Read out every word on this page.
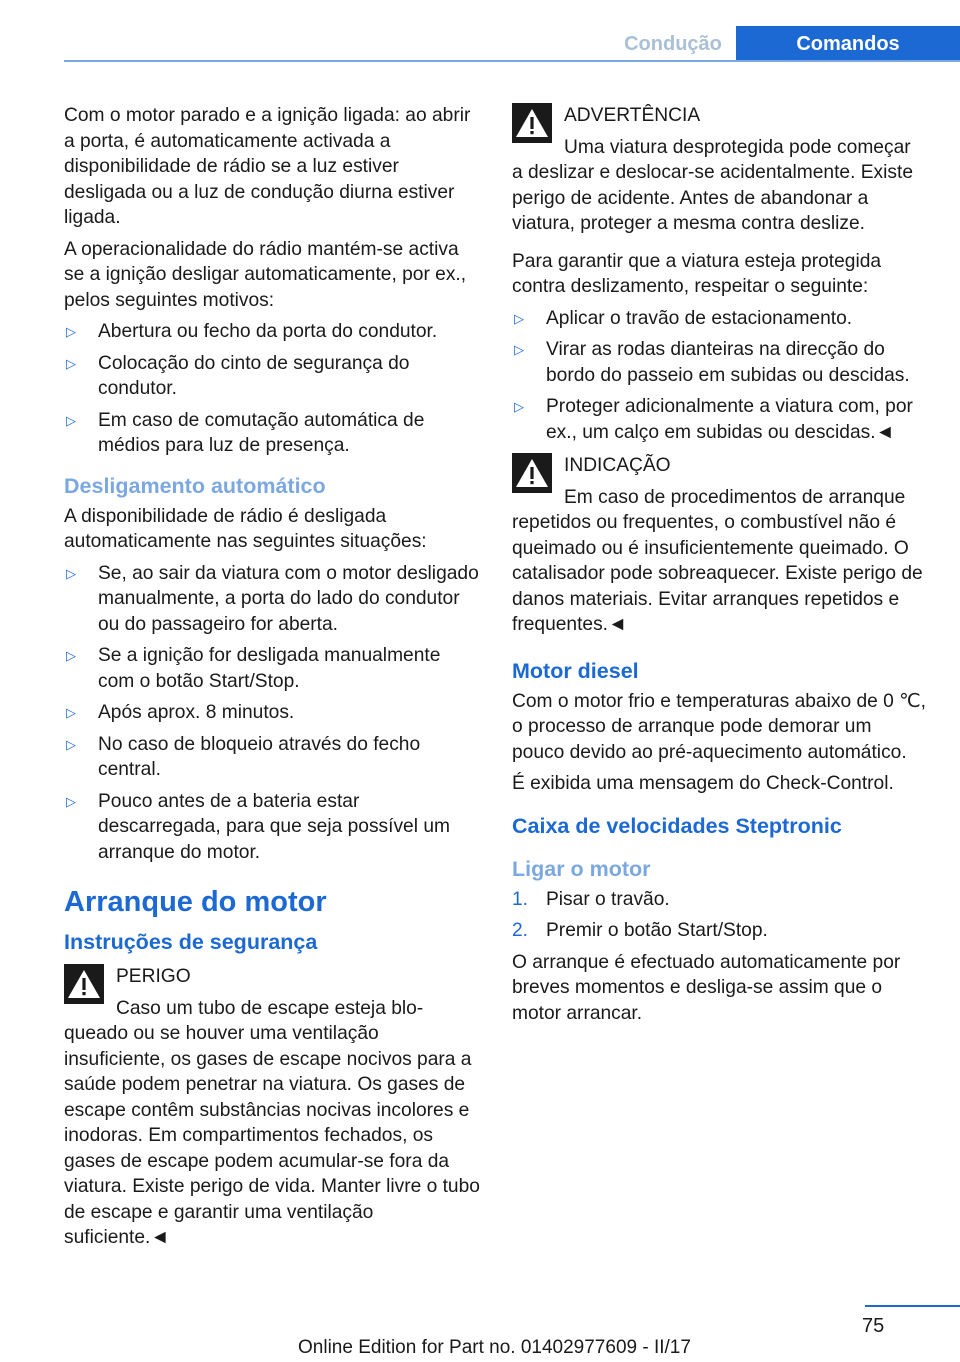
Condução	Comandos

Com o motor parado e a ignição ligada: ao abrir a porta, é automaticamente activada a disponibilidade de rádio se a luz estiver desligada ou a luz de condução diurna estiver ligada.

A operacionalidade do rádio mantém-se activa se a ignição desligar automaticamente, por ex., pelos seguintes motivos:

▷ Abertura ou fecho da porta do condutor.
▷ Colocação do cinto de segurança do condutor.
▷ Em caso de comutação automática de médios para luz de presença.
Desligamento automático

A disponibilidade de rádio é desligada automaticamente nas seguintes situações:

▷ Se, ao sair da viatura com o motor desligado manualmente, a porta do lado do condutor ou do passageiro for aberta.
▷ Se a ignição for desligada manualmente com o botão Start/Stop.
▷ Após aprox. 8 minutos.
▷ No caso de bloqueio através do fecho central.
▷ Pouco antes de a bateria estar descarregada, para que seja possível um arranque do motor.
Arranque do motor
Instruções de segurança
PERIGO
Caso um tubo de escape esteja blo-
queado ou se houver uma ventilação insuficiente, os gases de escape nocivos para a saúde podem penetrar na viatura. Os gases de escape contêm substâncias nocivas incolores e inodoras. Em compartimentos fechados, os gases de escape podem acumular-se fora da viatura. Existe perigo de vida. Manter livre o tubo de escape e garantir uma ventilação suficiente.◄
ADVERTÊNCIA
Uma viatura desprotegida pode começar
a deslizar e deslocar-se acidentalmente. Existe perigo de acidente. Antes de abandonar a viatura, proteger a mesma contra deslize.

Para garantir que a viatura esteja protegida contra deslizamento, respeitar o seguinte:

▷ Aplicar o travão de estacionamento.
▷ Virar as rodas dianteiras na direcção do bordo do passeio em subidas ou descidas.
▷ Proteger adicionalmente a viatura com, por ex., um calço em subidas ou descidas.◄
INDICAÇÃO
Em caso de procedimentos de arranque
repetidos ou frequentes, o combustível não é queimado ou é insuficientemente queimado. O catalisador pode sobreaquecer. Existe perigo de danos materiais. Evitar arranques repetidos e frequentes.◄
Motor diesel

Com o motor frio e temperaturas abaixo de 0 ℃, o processo de arranque pode demorar um pouco devido ao pré-aquecimento automático.

É exibida uma mensagem do Check-Control.

Caixa de velocidades Steptronic
Ligar o motor
1. Pisar o travão.
2. Premir o botão Start/Stop.

O arranque é efectuado automaticamente por breves momentos e desliga-se assim que o motor arrancar.

75
Online Edition for Part no. 01402977609 - II/17
